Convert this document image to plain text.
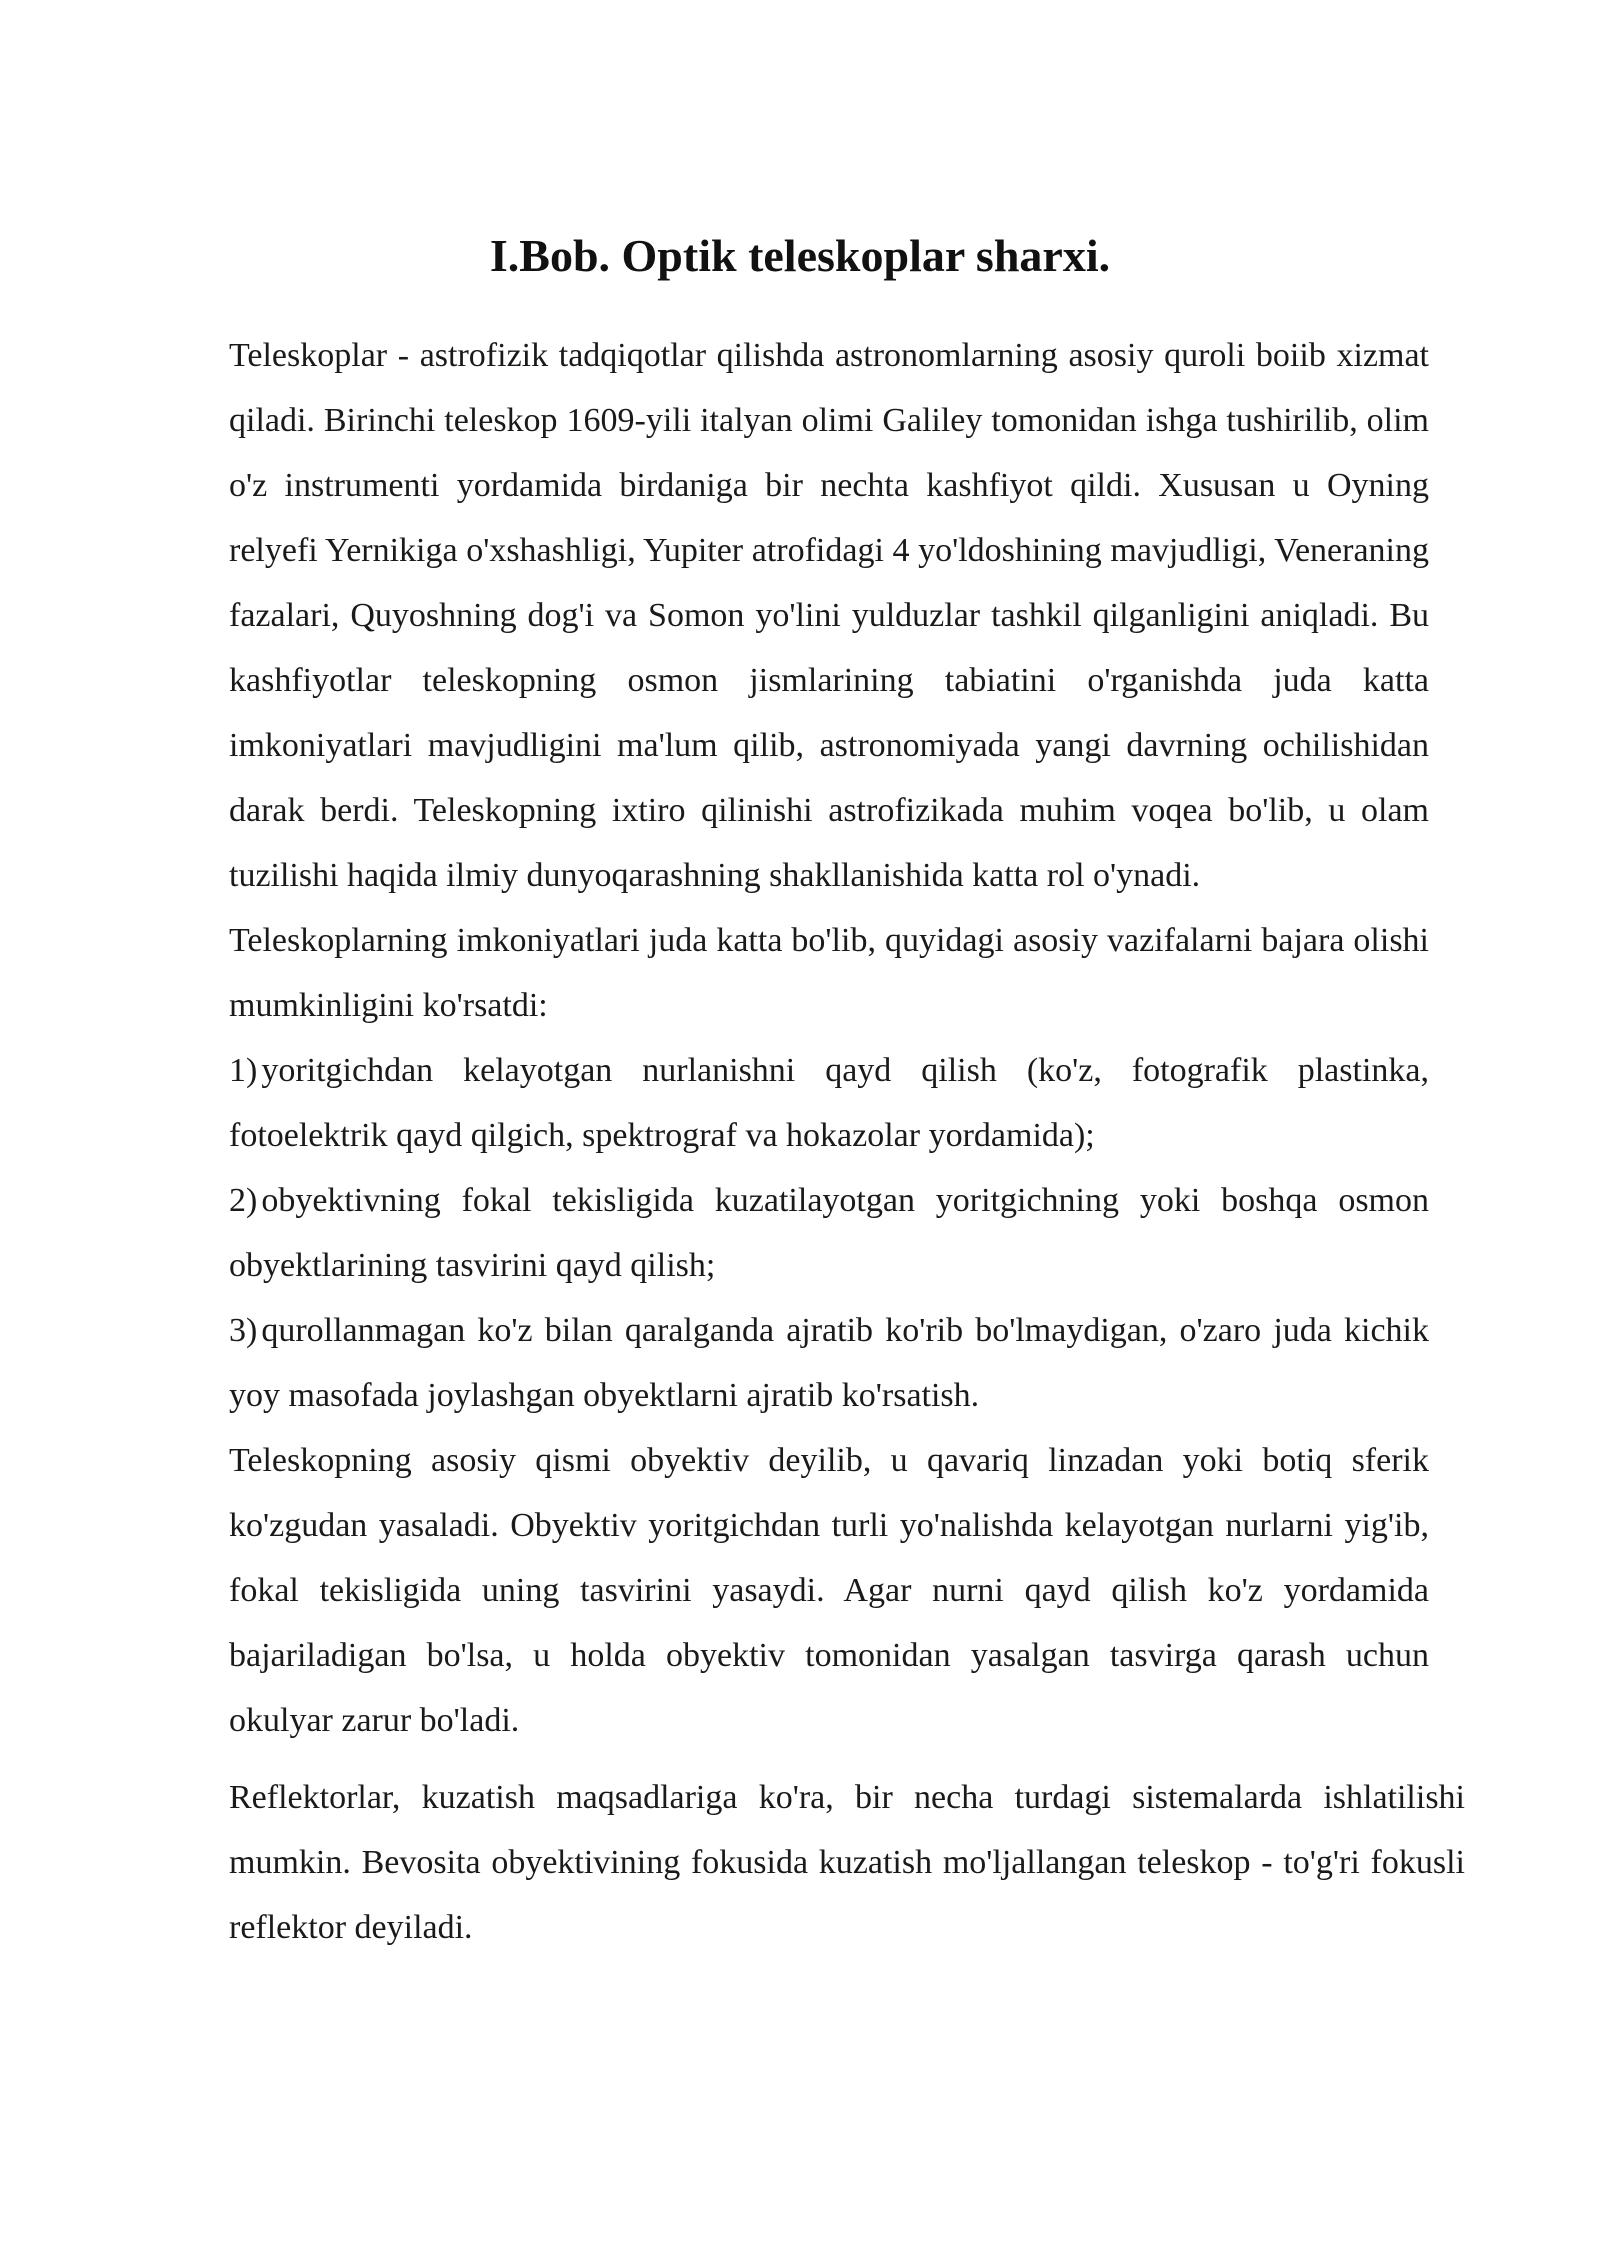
I.Bob. Optik teleskoplar sharxi.

Teleskoplar - astrofizik tadqiqotlar qilishda astronomlarning asosiy quroli boiib xizmat qiladi. Birinchi teleskop 1609-yili italyan olimi Galiley tomonidan ishga tushirilib, olim o'z instrumenti yordamida birdaniga bir nechta kashfiyot qildi. Xususan u Oyning relyefi Yernikiga o'xshashligi, Yupiter atrofidagi 4 yo'ldoshining mavjudligi, Veneraning fazalari, Quyoshning dog'i va Somon yo'lini yulduzlar tashkil qilganligini aniqladi. Bu kashfiyotlar teleskopning osmon jismlarining tabiatini o'rganishda juda katta imkoniyatlari mavjudligini ma'lum qilib, astronomiyada yangi davrning ochilishidan darak berdi. Teleskopning ixtiro qilinishi astrofizikada muhim voqea bo'lib, u olam tuzilishi haqida ilmiy dunyoqarashning shakllanishida katta rol o'ynadi.

Teleskoplarning imkoniyatlari juda katta bo'lib, quyidagi asosiy vazifalarni bajara olishi mumkinligini ko'rsatdi:

1) yoritgichdan kelayotgan nurlanishni qayd qilish (ko'z, fotografik plastinka, fotoelektrik qayd qilgich, spektrograf va hokazolar yordamida);

2) obyektivning fokal tekisligida kuzatilayotgan yoritgichning yoki boshqa osmon obyektlarining tasvirini qayd qilish;

3) qurollanmagan ko'z bilan qaralganda ajratib ko'rib bo'lmaydigan, o'zaro juda kichik yoy masofada joylashgan obyektlarni ajratib ko'rsatish.

Teleskopning asosiy qismi obyektiv deyilib, u qavariq linzadan yoki botiq sferik ko'zgudan yasaladi. Obyektiv yoritgichdan turli yo'nalishda kelayotgan nurlarni yig'ib, fokal tekisligida uning tasvirini yasaydi. Agar nurni qayd qilish ko'z yordamida bajariladigan bo'lsa, u holda obyektiv tomonidan yasalgan tasvirga qarash uchun okulyar zarur bo'ladi.

Reflektorlar, kuzatish maqsadlariga ko'ra, bir necha turdagi sistemalarda ishlatilishi mumkin. Bevosita obyektivining fokusida kuzatish mo'ljallangan teleskop - to'g'ri fokusli reflektor deyiladi.
